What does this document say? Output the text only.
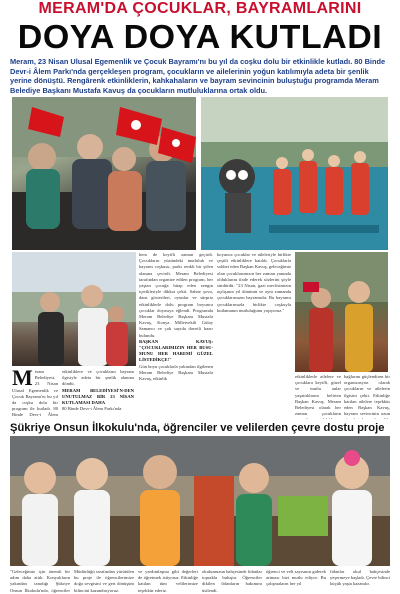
MERAM'DA ÇOCUKLAR, BAYRAMLARINI
DOYA DOYA KUTLADI
Meram, 23 Nisan Ulusal Egemenlik ve Çocuk Bayramı'nı bu yıl da coşku dolu bir etkinlikle kutladı. 80 Binde Devr-i Âlem Parkı'nda gerçekleşen program, çocukların ve ailelerinin yoğun katılımıyla adeta bir şenlik yerine dönüştü. Rengârenk etkinliklerin, kahkahaların ve bayram sevincinin buluştuğu programda Meram Belediye Başkanı Mustafa Kavuş da çocukların mutluluklarına ortak oldu.
M eram Belediyesi, 23 Nisan Ulusal Egemenlik ve Çocuk Bayramı'nı bu yıl da coşku dolu bir program ile kutladı. 80 Binde Devr-i Âlem
etkinliklere ve çocukların bayram ilgisiyle adeta bir şenlik alanına döndü.
MERAM BELEDİYESİ'N-DEN UNUTULMAZ BİR 23 NİSAN KUTLAMASI DAHA
80 Binde Devr-i Âlem Parkı'nda
hem de keyifli zaman geçirdi. Çocukların yüzündeki mutluluk ve bayram coşkusu, parkı renkli bir şölen alanına çevirdi. Meram Belediyesi tarafından organize edilen program, her yaştan çocuğa hitap eden zengin içerikleriyle dikkat çekti. Sahne şovu, dans gösterileri, oyunlar ve sürpriz etkinliklerle dolu program boyunca çocuklar doyasıya eğlendi. Programda Meram Belediye Başkanı Mustafa Kavuş, Konya Milletvekili Gülay Samancı ve çok sayıda davetli hazır bulundu.
BAŞKAN KAVUŞ: "ÇOCUKLARIMIZIN HER BUSU-MUNU HER HAREMİ GÜZEL LİSTEDİKÇE!"
Gün boyu çocuklarla yakından ilgilenen Meram Belediye Başkanı Mustafa Kavuş, etkinlik
boyunca çocuklar ve aileleriyle birlikte çeşitli etkinliklere katıldı. Çocuklarla sohbet eden Başkan Kavuş, geleceğimiz olan çocuklarımızın her zaman yanında olduklarını ifade ederek sözlerini şöyle sürdürdü: "23 Nisan, gazi meclisimizin açılışının yıl dönümü ve aynı zamanda çocuklarımızın bayramıdır. Bu bayramı çocuklarımızla birlikte coşkuyla kutlamanın mutluluğunu yaşıyoruz."
etkinliklerle ailelere ve çocuklara keyifli, güzel ve mutlu anlar yaşattıklarını belirten Başkan Kavuş, Meram Belediyesi olarak her zaman çocukların
bağlarını güçlendiren bir organizasyon olarak çocukların ve ailelerin ilgisini çekti. Etkinliğe katılan ailelere teşekkür eden Başkan Kavuş, bayram sevincinin uzun
Şükriye Onsun İlkokulu'nda, öğrenciler ve velilerden çevre dostu proje
"Geleceğimiz için önemli bir adım daha attık. Konyalıların yakından tanıdığı Şükriye Onsun İlkokulu'nda, öğrenciler
Müdürlüğü tarafından yürütülen bu proje ile öğrencilerimize doğa sevgisini ve geri dönüşüm bilincini kazandırıyoruz.
ve yardımlaşma gibi değerleri de öğretmek istiyoruz. Etkinliğe katılan tüm velilerimize teşekkür ederiz.
okulumuzun bahçesinde fidanlar toprakla buluştu. Öğrenciler dikilen fidanların bakımını üstlendi.
öğrenci ve veli sayısının giderek artması bizi mutlu ediyor. Bu çalışmaların her yıl
fidanlar okul bahçesinde yeşermeye başladı. Çevre bilinci küçük yaşta kazanılır.
